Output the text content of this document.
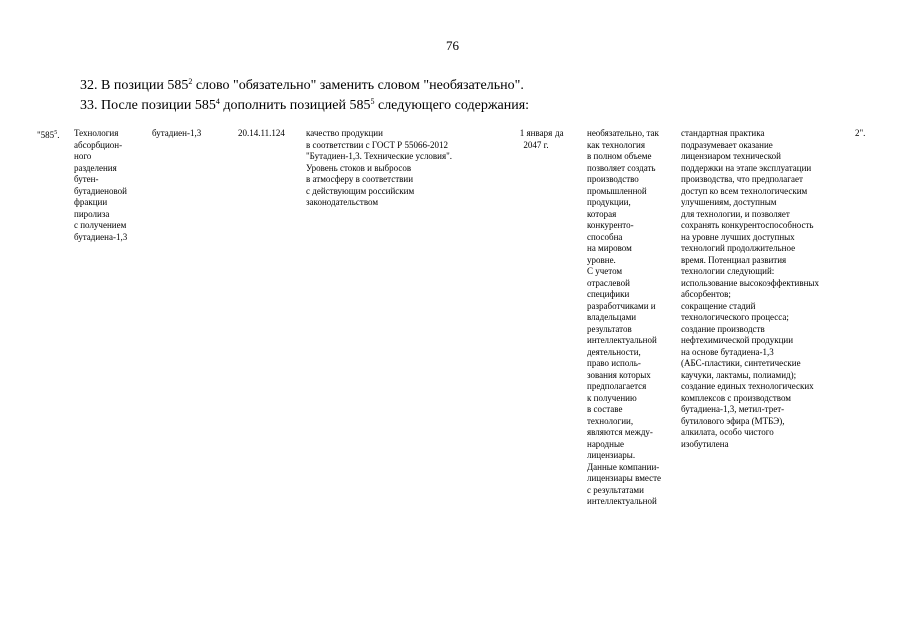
76
32. В позиции $585^2$ слово "обязательно" заменить словом "необязательно".
33. После позиции $585^4$ дополнить позицией $585^5$ следующего содержания:
"$585^5$. Технология
абсорбцион-
ного
разделения
бутен-
бутадиеновой
фракции
пиролиза
с получением
бутадиена-1,3
бутадиен-1,3	20.14.11.124 качество продукции
в соответствии с ГОСТ Р 55066-2012
"Бутадиен-1,3. Технические условия".
Уровень стоков и выбросов
в атмосферу в соответствии
с действующим российским
законодательством
1 января
2047 г.
да	необязательно, так
как технология
в полном объеме
позволяет создать
производство
промышленной
продукции,
которая
конкуренто-
способна
на мировом
уровне.
С учетом
отраслевой
специфики
разработчиками и
владельцами
результатов
интеллектуальной
деятельности,
право исполь-
зования которых
предполагается
к получению
в составе
технологии,
являются между-
народные
лицензиары.
Данные компании-
лицензиары вместе
с результатами
интеллектуальной
стандартная практика
подразумевает оказание
лицензиаром технической
поддержки на этапе эксплуатации
производства, что предполагает
доступ ко всем технологическим
улучшениям, доступным
для технологии, и позволяет
сохранять конкурентоспособность
на уровне лучших доступных
технологий продолжительное
время. Потенциал развития
технологии следующий:
использование высокоэффективных
абсорбентов;
сокращение стадий
технологического процесса;
создание производств
нефтехимической продукции
на основе бутадиена-1,3
(АБС-пластики, синтетические
каучуки, лактамы, полиамид);
создание единых технологических
комплексов с производством
бутадиена-1,3, метил-трет-
бутилового эфира (МТБЭ),
алкилата, особо чистого
изобутилена
2".
